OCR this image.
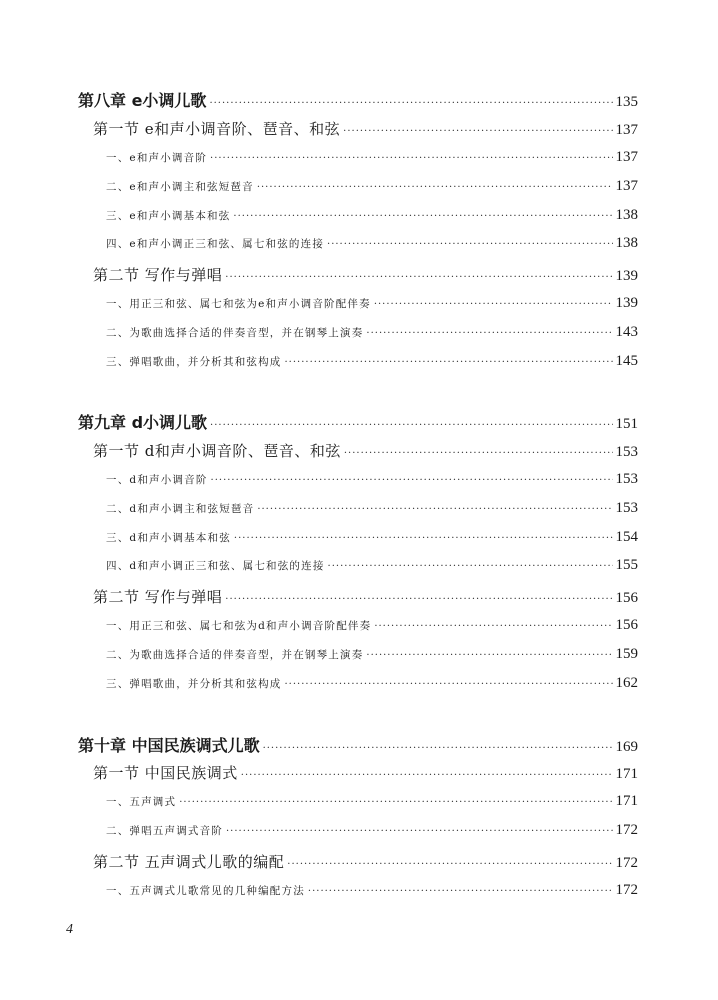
第八章 e小调儿歌 ·····	135
第一节 e和声小调音阶、琶音、和弦 ·····	137
一、e和声小调音阶 ·····	137
二、e和声小调主和弦短琶音 ·····	137
三、e和声小调基本和弦 ·····	138
四、e和声小调正三和弦、属七和弦的连接 ·····	138
第二节 写作与弹唱 ·····	139
一、用正三和弦、属七和弦为e和声小调音阶配伴奏 ·····	139
二、为歌曲选择合适的伴奏音型，并在钢琴上演奏 ·····	143
三、弹唱歌曲，并分析其和弦构成 ·····	145
第九章 d小调儿歌 ·····	151
第一节 d和声小调音阶、琶音、和弦 ·····	153
一、d和声小调音阶 ·····	153
二、d和声小调主和弦短琶音 ·····	153
三、d和声小调基本和弦 ·····	154
四、d和声小调正三和弦、属七和弦的连接 ·····	155
第二节 写作与弹唱 ·····	156
一、用正三和弦、属七和弦为d和声小调音阶配伴奏 ·····	156
二、为歌曲选择合适的伴奏音型，并在钢琴上演奏 ·····	159
三、弹唱歌曲，并分析其和弦构成 ·····	162
第十章 中国民族调式儿歌 ·····	169
第一节 中国民族调式 ·····	171
一、五声调式 ·····	171
二、弹唱五声调式音阶 ·····	172
第二节 五声调式儿歌的编配 ·····	172
一、五声调式儿歌常见的几种编配方法 ·····	172
4
